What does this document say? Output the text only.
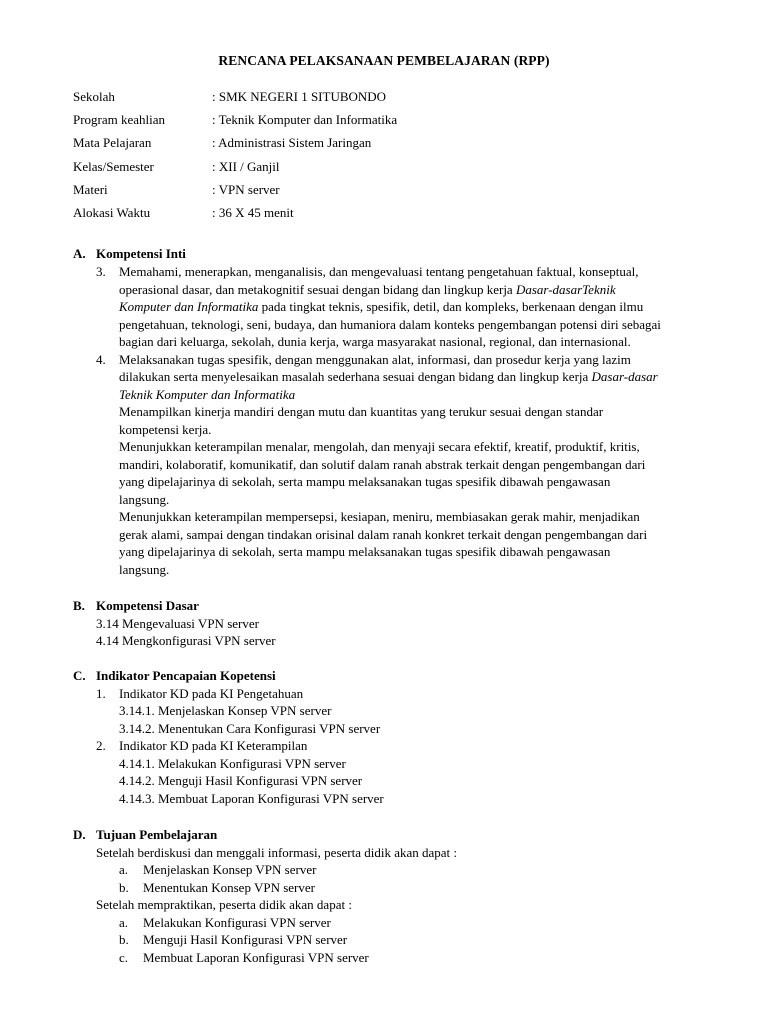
RENCANA PELAKSANAAN PEMBELAJARAN (RPP)
Sekolah	: SMK NEGERI 1 SITUBONDO
Program keahlian	: Teknik Komputer dan Informatika
Mata Pelajaran	: Administrasi Sistem Jaringan
Kelas/Semester	: XII / Ganjil
Materi	: VPN server
Alokasi Waktu	: 36 X 45 menit
A. Kompetensi Inti
3. Memahami, menerapkan, menganalisis, dan mengevaluasi tentang pengetahuan faktual, konseptual,
operasional dasar, dan metakognitif sesuai dengan bidang dan lingkup kerja Dasar-dasarTeknik
Komputer dan Informatika pada tingkat teknis, spesifik, detil, dan kompleks, berkenaan dengan ilmu
pengetahuan, teknologi, seni, budaya, dan humaniora dalam konteks pengembangan potensi diri sebagai
bagian dari keluarga, sekolah, dunia kerja, warga masyarakat nasional, regional, dan internasional.
4. Melaksanakan tugas spesifik, dengan menggunakan alat, informasi, dan prosedur kerja yang lazim
dilakukan serta menyelesaikan masalah sederhana sesuai dengan bidang dan lingkup kerja Dasar-dasar
Teknik Komputer dan Informatika
Menampilkan kinerja mandiri dengan mutu dan kuantitas yang terukur sesuai dengan standar
kompetensi kerja.
Menunjukkan keterampilan menalar, mengolah, dan menyaji secara efektif, kreatif, produktif, kritis,
mandiri, kolaboratif, komunikatif, dan solutif dalam ranah abstrak terkait dengan pengembangan dari
yang dipelajarinya di sekolah, serta mampu melaksanakan tugas spesifik dibawah pengawasan
langsung.
Menunjukkan keterampilan mempersepsi, kesiapan, meniru, membiasakan gerak mahir, menjadikan
gerak alami, sampai dengan tindakan orisinal dalam ranah konkret terkait dengan pengembangan dari
yang dipelajarinya di sekolah, serta mampu melaksanakan tugas spesifik dibawah pengawasan
langsung.
B. Kompetensi Dasar
3.14 Mengevaluasi VPN server
4.14 Mengkonfigurasi VPN server
C. Indikator Pencapaian Kopetensi
1. Indikator KD pada KI Pengetahuan
3.14.1. Menjelaskan Konsep VPN server
3.14.2. Menentukan Cara Konfigurasi VPN server
2. Indikator KD pada KI Keterampilan
4.14.1. Melakukan Konfigurasi VPN server
4.14.2. Menguji Hasil Konfigurasi VPN server
4.14.3. Membuat Laporan Konfigurasi VPN server
D. Tujuan Pembelajaran
Setelah berdiskusi dan menggali informasi, peserta didik akan dapat :
a. Menjelaskan Konsep VPN server
b. Menentukan Konsep VPN server
Setelah mempraktikan, peserta didik akan dapat :
a. Melakukan Konfigurasi VPN server
b. Menguji Hasil Konfigurasi VPN server
c. Membuat Laporan Konfigurasi VPN server
